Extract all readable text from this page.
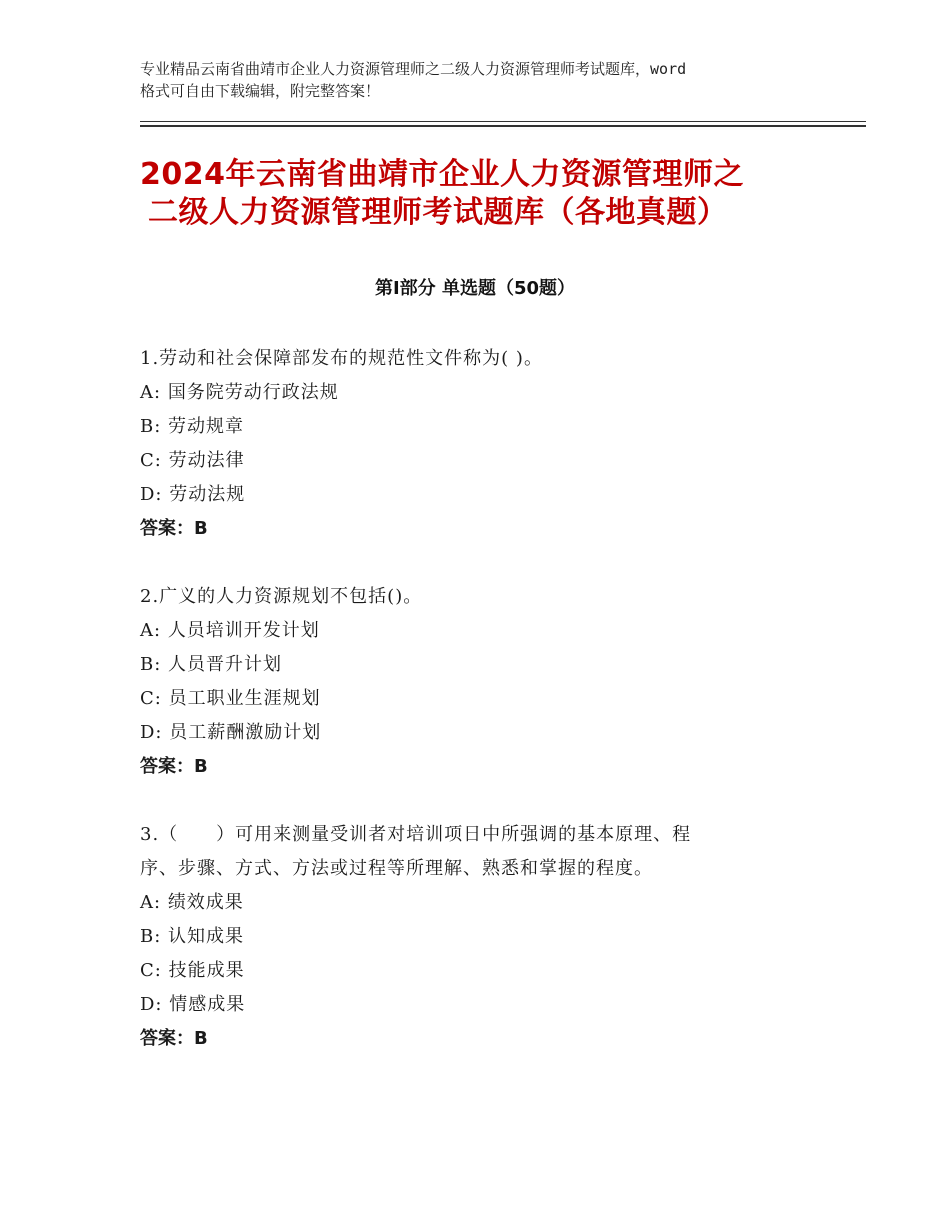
专业精品云南省曲靖市企业人力资源管理师之二级人力资源管理师考试题库，word
格式可自由下载编辑，附完整答案！
2024年云南省曲靖市企业人力资源管理师之
二级人力资源管理师考试题库（各地真题）
第Ⅰ部分 单选题（50题）
1.劳动和社会保障部发布的规范性文件称为( )。
A: 国务院劳动行政法规
B: 劳动规章
C: 劳动法律
D: 劳动法规
答案：B
2.广义的人力资源规划不包括()。
A: 人员培训开发计划
B: 人员晋升计划
C: 员工职业生涯规划
D: 员工薪酬激励计划
答案：B
3.（　　）可用来测量受训者对培训项日中所强调的基本原理、程
序、步骤、方式、方法或过程等所理解、熟悉和掌握的程度。
A: 绩效成果
B: 认知成果
C: 技能成果
D: 情感成果
答案：B
